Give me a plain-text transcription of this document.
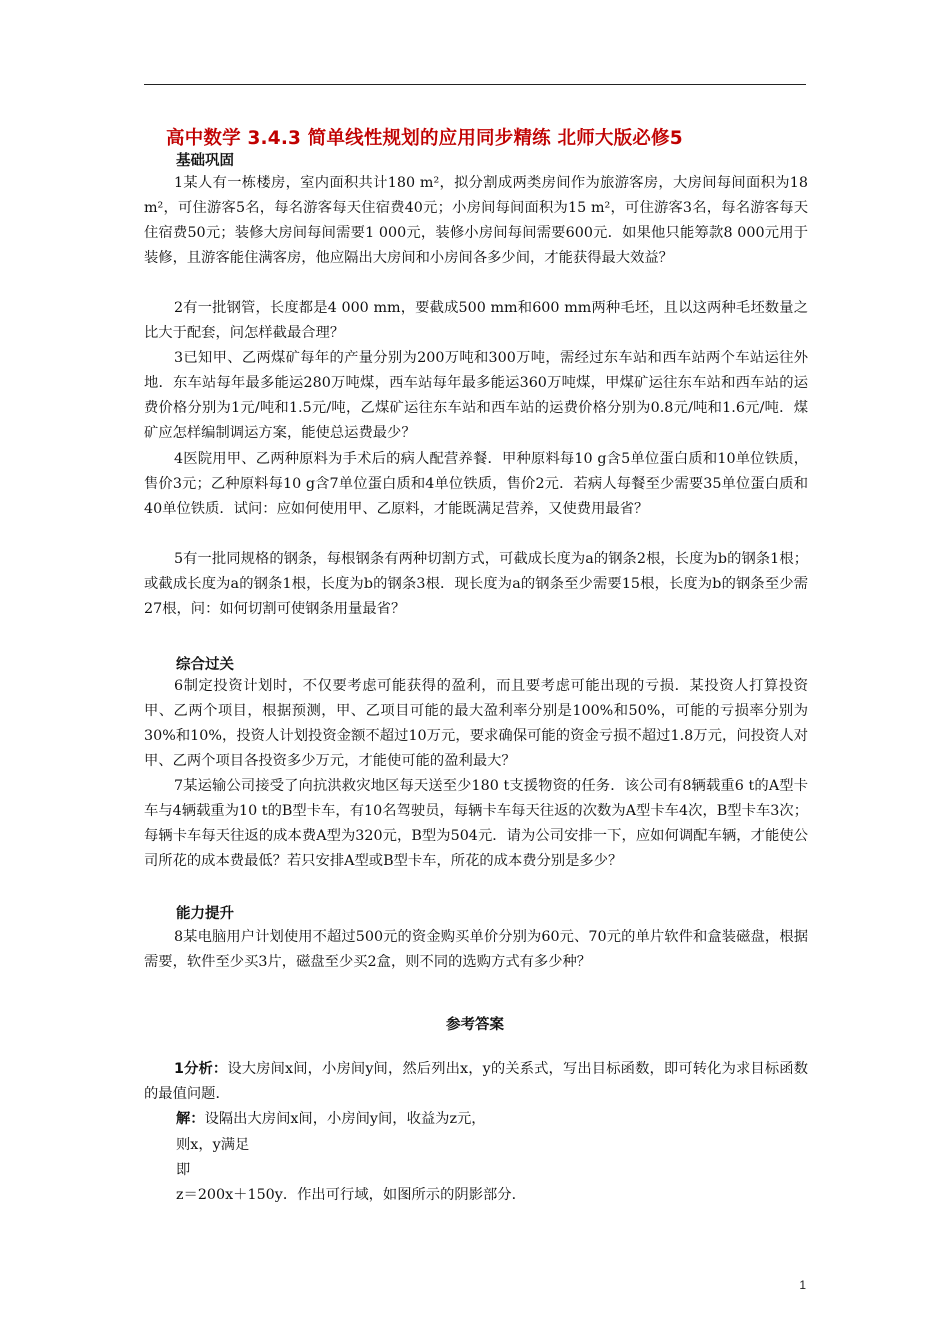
高中数学 3.4.3 简单线性规划的应用同步精练 北师大版必修5
基础巩固
1某人有一栋楼房，室内面积共计180 m²，拟分割成两类房间作为旅游客房，大房间每间面积为18 m²，可住游客5名，每名游客每天住宿费40元；小房间每间面积为15 m²，可住游客3名，每名游客每天住宿费50元；装修大房间每间需要1 000元，装修小房间每间需要600元．如果他只能筹款8 000元用于装修，且游客能住满客房，他应隔出大房间和小房间各多少间，才能获得最大效益？
2有一批钢管，长度都是4 000 mm，要截成500 mm和600 mm两种毛坯，且以这两种毛坯数量之比大于配套，问怎样截最合理？
3已知甲、乙两煤矿每年的产量分别为200万吨和300万吨，需经过东车站和西车站两个车站运往外地．东车站每年最多能运280万吨煤，西车站每年最多能运360万吨煤，甲煤矿运往东车站和西车站的运费价格分别为1元/吨和1.5元/吨，乙煤矿运往东车站和西车站的运费价格分别为0.8元/吨和1.6元/吨．煤矿应怎样编制调运方案，能使总运费最少？
4医院用甲、乙两种原料为手术后的病人配营养餐．甲种原料每10 g含5单位蛋白质和10单位铁质，售价3元；乙种原料每10 g含7单位蛋白质和4单位铁质，售价2元．若病人每餐至少需要35单位蛋白质和40单位铁质．试问：应如何使用甲、乙原料，才能既满足营养，又使费用最省？
5有一批同规格的钢条，每根钢条有两种切割方式，可截成长度为a的钢条2根，长度为b的钢条1根；或截成长度为a的钢条1根，长度为b的钢条3根．现长度为a的钢条至少需要15根，长度为b的钢条至少需27根，问：如何切割可使钢条用量最省？
综合过关
6制定投资计划时，不仅要考虑可能获得的盈利，而且要考虑可能出现的亏损．某投资人打算投资甲、乙两个项目，根据预测，甲、乙项目可能的最大盈利率分别是100%和50%，可能的亏损率分别为30%和10%，投资人计划投资金额不超过10万元，要求确保可能的资金亏损不超过1.8万元，问投资人对甲、乙两个项目各投资多少万元，才能使可能的盈利最大？
7某运输公司接受了向抗洪救灾地区每天送至少180 t支援物资的任务．该公司有8辆载重6 t的A型卡车与4辆载重为10 t的B型卡车，有10名驾驶员，每辆卡车每天往返的次数为A型卡车4次，B型卡车3次；每辆卡车每天往返的成本费A型为320元，B型为504元．请为公司安排一下，应如何调配车辆，才能使公司所花的成本费最低？若只安排A型或B型卡车，所花的成本费分别是多少？
能力提升
8某电脑用户计划使用不超过500元的资金购买单价分别为60元、70元的单片软件和盒装磁盘，根据需要，软件至少买3片，磁盘至少买2盒，则不同的选购方式有多少种？
参考答案
1分析：设大房间x间，小房间y间，然后列出x，y的关系式，写出目标函数，即可转化为求目标函数的最值问题．
解：设隔出大房间x间，小房间y间，收益为z元，
则x，y满足
即
z＝200x＋150y．作出可行域，如图所示的阴影部分．
1
